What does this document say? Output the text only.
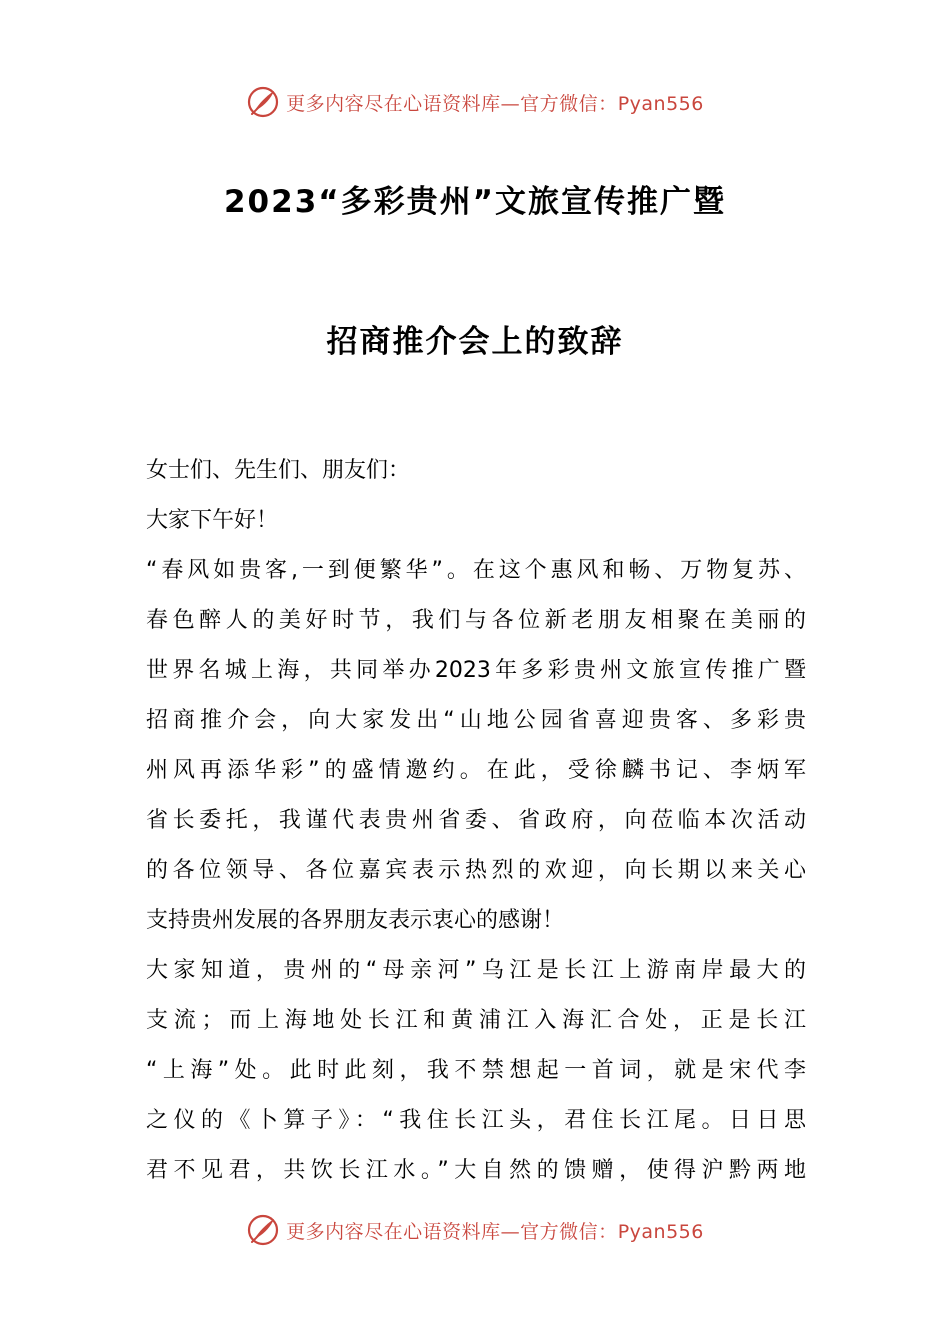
更多内容尽在心语资料库—官方微信：Pyan556
2023“多彩贵州”文旅宣传推广暨
招商推介会上的致辞
女士们、先生们、朋友们：
大家下午好！
“春风如贵客,一到便繁华”。在这个惠风和畅、万物复苏、
春色醉人的美好时节，我们与各位新老朋友相聚在美丽的
世界名城上海，共同举办2023年多彩贵州文旅宣传推广暨
招商推介会，向大家发出“山地公园省喜迎贵客、多彩贵
州风再添华彩”的盛情邀约。在此，受徐麟书记、李炳军
省长委托，我谨代表贵州省委、省政府，向莅临本次活动
的各位领导、各位嘉宾表示热烈的欢迎，向长期以来关心
支持贵州发展的各界朋友表示衷心的感谢！
大家知道，贵州的“母亲河”乌江是长江上游南岸最大的
支流；而上海地处长江和黄浦江入海汇合处，正是长江
“上海”处。此时此刻，我不禁想起一首词，就是宋代李
之仪的《卜算子》：“我住长江头，君住长江尾。日日思
君不见君，共饮长江水。”大自然的馈赠，使得沪黔两地
更多内容尽在心语资料库—官方微信：Pyan556
